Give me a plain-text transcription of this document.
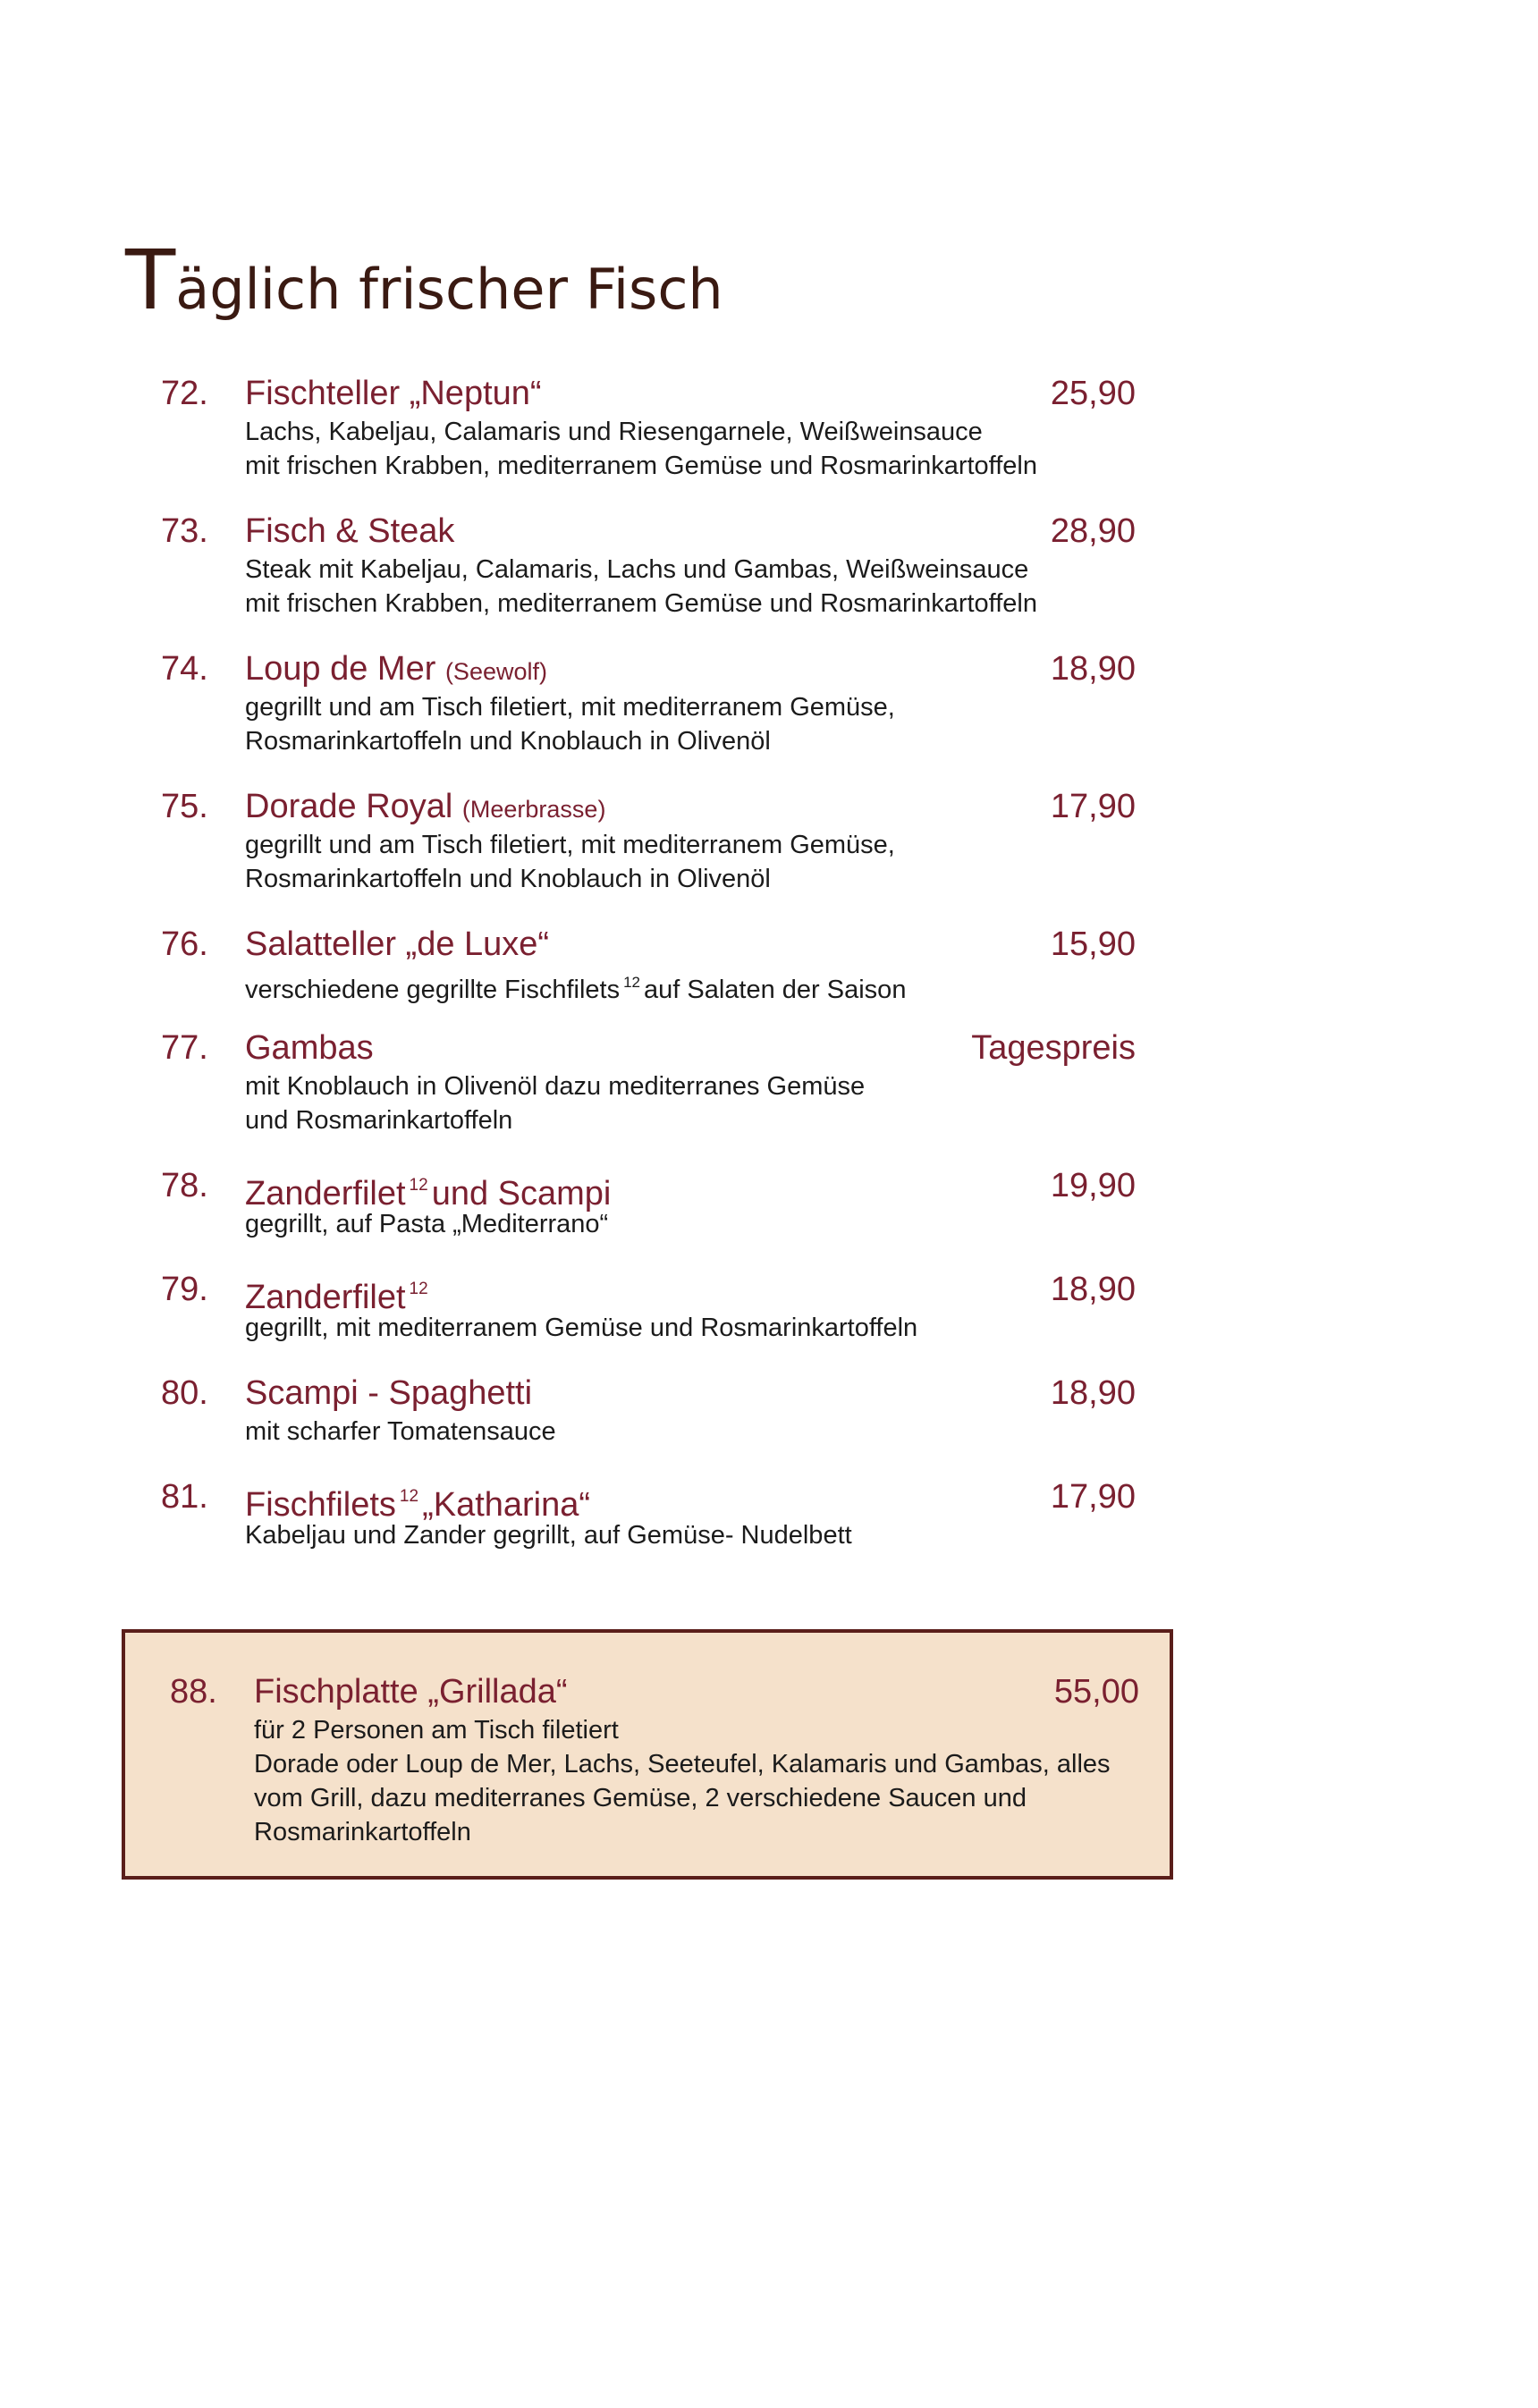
Täglich frischer Fisch
72. Fischteller „Neptun“	25,90
Lachs, Kabeljau, Calamaris und Riesengarnele, Weißweinsauce
mit frischen Krabben, mediterranem Gemüse und Rosmarinkartoffeln
73. Fisch & Steak	28,90
Steak mit Kabeljau, Calamaris, Lachs und Gambas, Weißweinsauce
mit frischen Krabben, mediterranem Gemüse und Rosmarinkartoffeln
74. Loup de Mer (Seewolf)	18,90
gegrillt und am Tisch filetiert, mit mediterranem Gemüse,
Rosmarinkartoffeln und Knoblauch in Olivenöl
75. Dorade Royal (Meerbrasse)	17,90
gegrillt und am Tisch filetiert, mit mediterranem Gemüse,
Rosmarinkartoffeln und Knoblauch in Olivenöl
76. Salatteller „de Luxe“	15,90
verschiedene gegrillte Fischfilets $^{12}$ auf Salaten der Saison
77. Gambas	Tagespreis
mit Knoblauch in Olivenöl dazu mediterranes Gemüse
und Rosmarinkartoffeln
78. Zanderfilet $^{12}$ und Scampi	19,90
gegrillt, auf Pasta „Mediterrano“
79. Zanderfilet $^{12}$	18,90
gegrillt, mit mediterranem Gemüse und Rosmarinkartoffeln
80. Scampi - Spaghetti	18,90
mit scharfer Tomatensauce
81. Fischfilets $^{12}$ „Katharina“	17,90
Kabeljau und Zander gegrillt, auf Gemüse- Nudelbett
88. Fischplatte „Grillada“	55,00
für 2 Personen am Tisch filetiert
Dorade oder Loup de Mer, Lachs, Seeteufel, Kalamaris und Gambas, alles
vom Grill, dazu mediterranes Gemüse, 2 verschiedene Saucen und
Rosmarinkartoffeln
